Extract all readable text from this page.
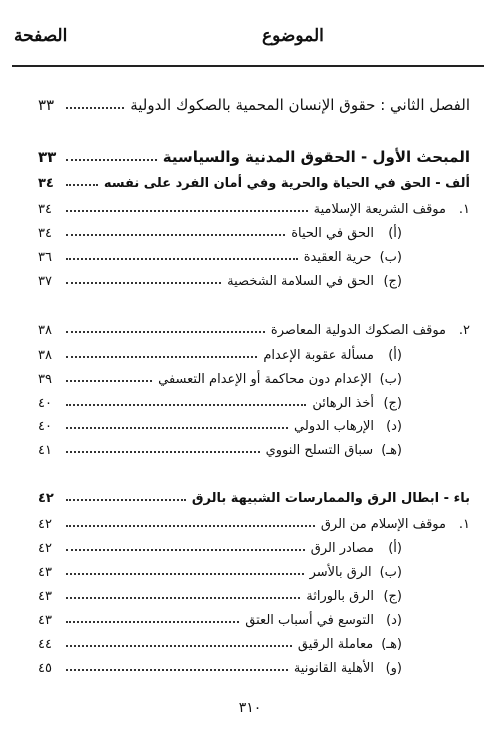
الموضوع
الصفحة
الفصل الثاني : حقوق الإنسان المحمية بالصكوك الدولية
٣٣
المبحث الأول - الحقوق المدنية والسياسية
٣٣
ألف - الحق في الحياة والحرية وفي أمان الفرد على نفسه
٣٤
١.
موقف الشريعة الإسلامية
٣٤
(أ)
الحق في الحياة
٣٤
(ب)
حرية العقيدة
٣٦
(ج)
الحق في السلامة الشخصية
٣٧
٢.
موقف الصكوك الدولية المعاصرة
٣٨
(أ)
مسألة عقوبة الإعدام
٣٨
(ب)
الإعدام دون محاكمة أو الإعدام التعسفي
٣٩
(ج)
أخذ الرهائن
٤٠
(د)
الإرهاب الدولي
٤٠
(هـ)
سباق التسلح النووي
٤١
باء - ابطال الرق والممارسات الشبيهة بالرق
٤٢
١.
موقف الإسلام من الرق
٤٢
(أ)
مصادر الرق
٤٢
(ب)
الرق بالأسر
٤٣
(ج)
الرق بالوراثة
٤٣
(د)
التوسع في أسباب العتق
٤٣
(هـ)
معاملة الرقيق
٤٤
(و)
الأهلية القانونية
٤٥
٣١٠
